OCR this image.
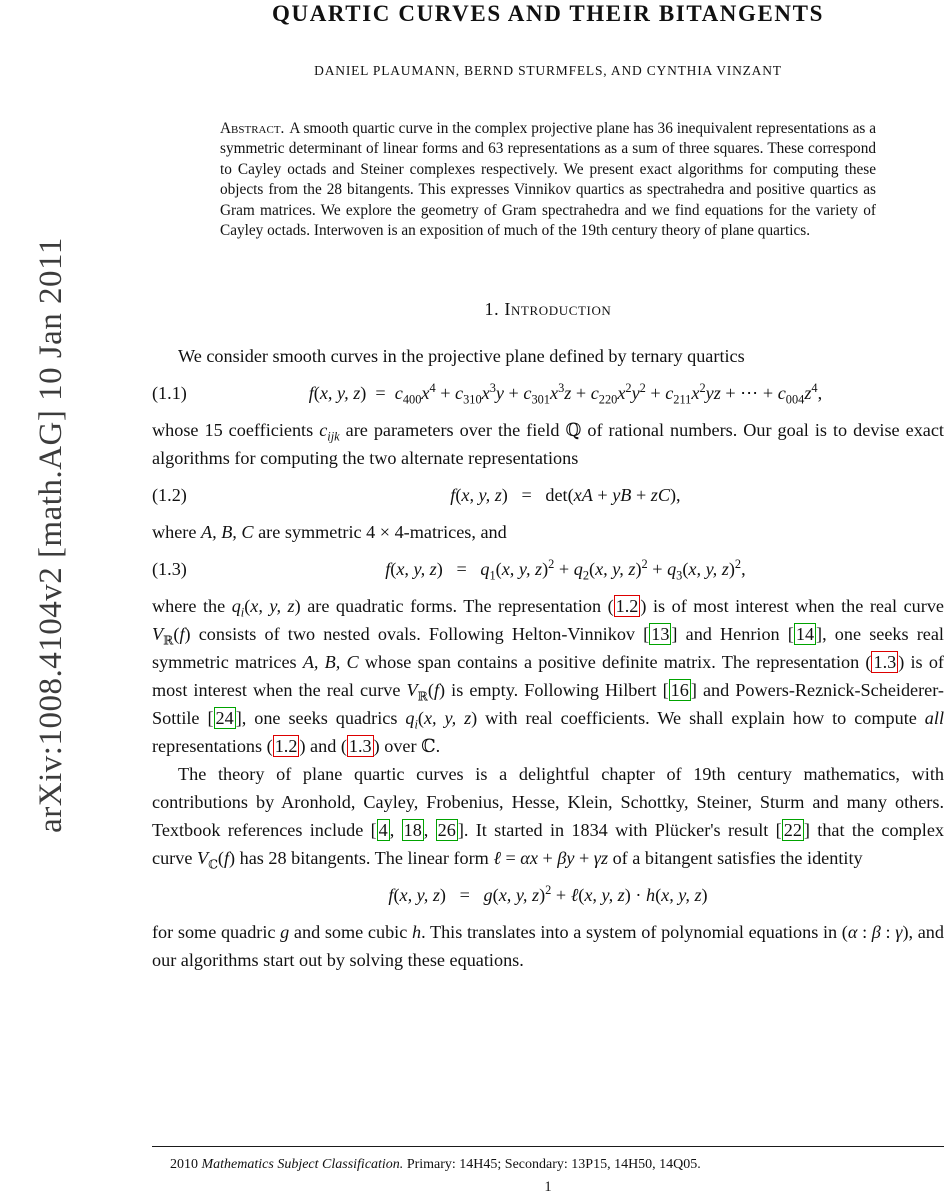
arXiv:1008.4104v2 [math.AG] 10 Jan 2011
QUARTIC CURVES AND THEIR BITANGENTS
DANIEL PLAUMANN, BERND STURMFELS, AND CYNTHIA VINZANT
Abstract. A smooth quartic curve in the complex projective plane has 36 inequivalent representations as a symmetric determinant of linear forms and 63 representations as a sum of three squares. These correspond to Cayley octads and Steiner complexes respectively. We present exact algorithms for computing these objects from the 28 bitangents. This expresses Vinnikov quartics as spectrahedra and positive quartics as Gram matrices. We explore the geometry of Gram spectrahedra and we find equations for the variety of Cayley octads. Interwoven is an exposition of much of the 19th century theory of plane quartics.
1. Introduction

We consider smooth curves in the projective plane defined by ternary quartics

(1.1)	f(x, y, $z) = c_{400}x^4 + c_{310}x^3y + c_{301}x^3z + c_{220}x^2y^2 + c_{211}x^2yz$ + ⋯ + $c_{004}z^4$,

whose 15 coefficients $c_{ijk}$ are parameters over the field ℚ of rational numbers. Our goal is to devise exact algorithms for computing the two alternate representations

(1.2)	f(x, y, z)   =   det(xA + yB + zC),

where A, B, C are symmetric 4 × 4-matrices, and

(1.3)	f(x, y, $z) = q_1(x$, y, $z)^2 + q_2(x$, y, $z)^2 + q_3(x$, y, z)$^2$,

where the $q_i(x$, y, z) are quadratic forms. The representation ( 1.2 ) is of most interest when the real curve $V_ℝ(f)$ consists of two nested ovals. Following Helton-Vinnikov [ 13 ] and Henrion [ 14 ], one seeks real symmetric matrices A, B, C whose span contains a positive definite matrix. The representation ( 1.3 ) is of most interest when the real curve $V_ℝ(f)$ is empty. Following Hilbert [ 16 ] and Powers-Reznick-Scheiderer-Sottile [ 24 ], one seeks quadrics $q_i(x$, y, z) with real coefficients. We shall explain how to compute all representations ( 1.2 ) and ( 1.3 ) over ℂ.

The theory of plane quartic curves is a delightful chapter of 19th century mathematics, with contributions by Aronhold, Cayley, Frobenius, Hesse, Klein, Schottky, Steiner, Sturm and many others. Textbook references include [ 4 , 18 , 26 ]. It started in 1834 with Plücker's result [ 22 ] that the complex curve $V_ℂ(f)$ has 28 bitangents. The linear form ℓ = αx + βy + γz of a bitangent satisfies the identity

f(x, y, z)   =   g(x, y, z)$^2$ + ℓ(x, y, z) · h(x, y, z)

for some quadric g and some cubic h. This translates into a system of polynomial equations in (α : β : γ), and our algorithms start out by solving these equations.

2010 Mathematics Subject Classification. Primary: 14H45; Secondary: 13P15, 14H50, 14Q05.

1
